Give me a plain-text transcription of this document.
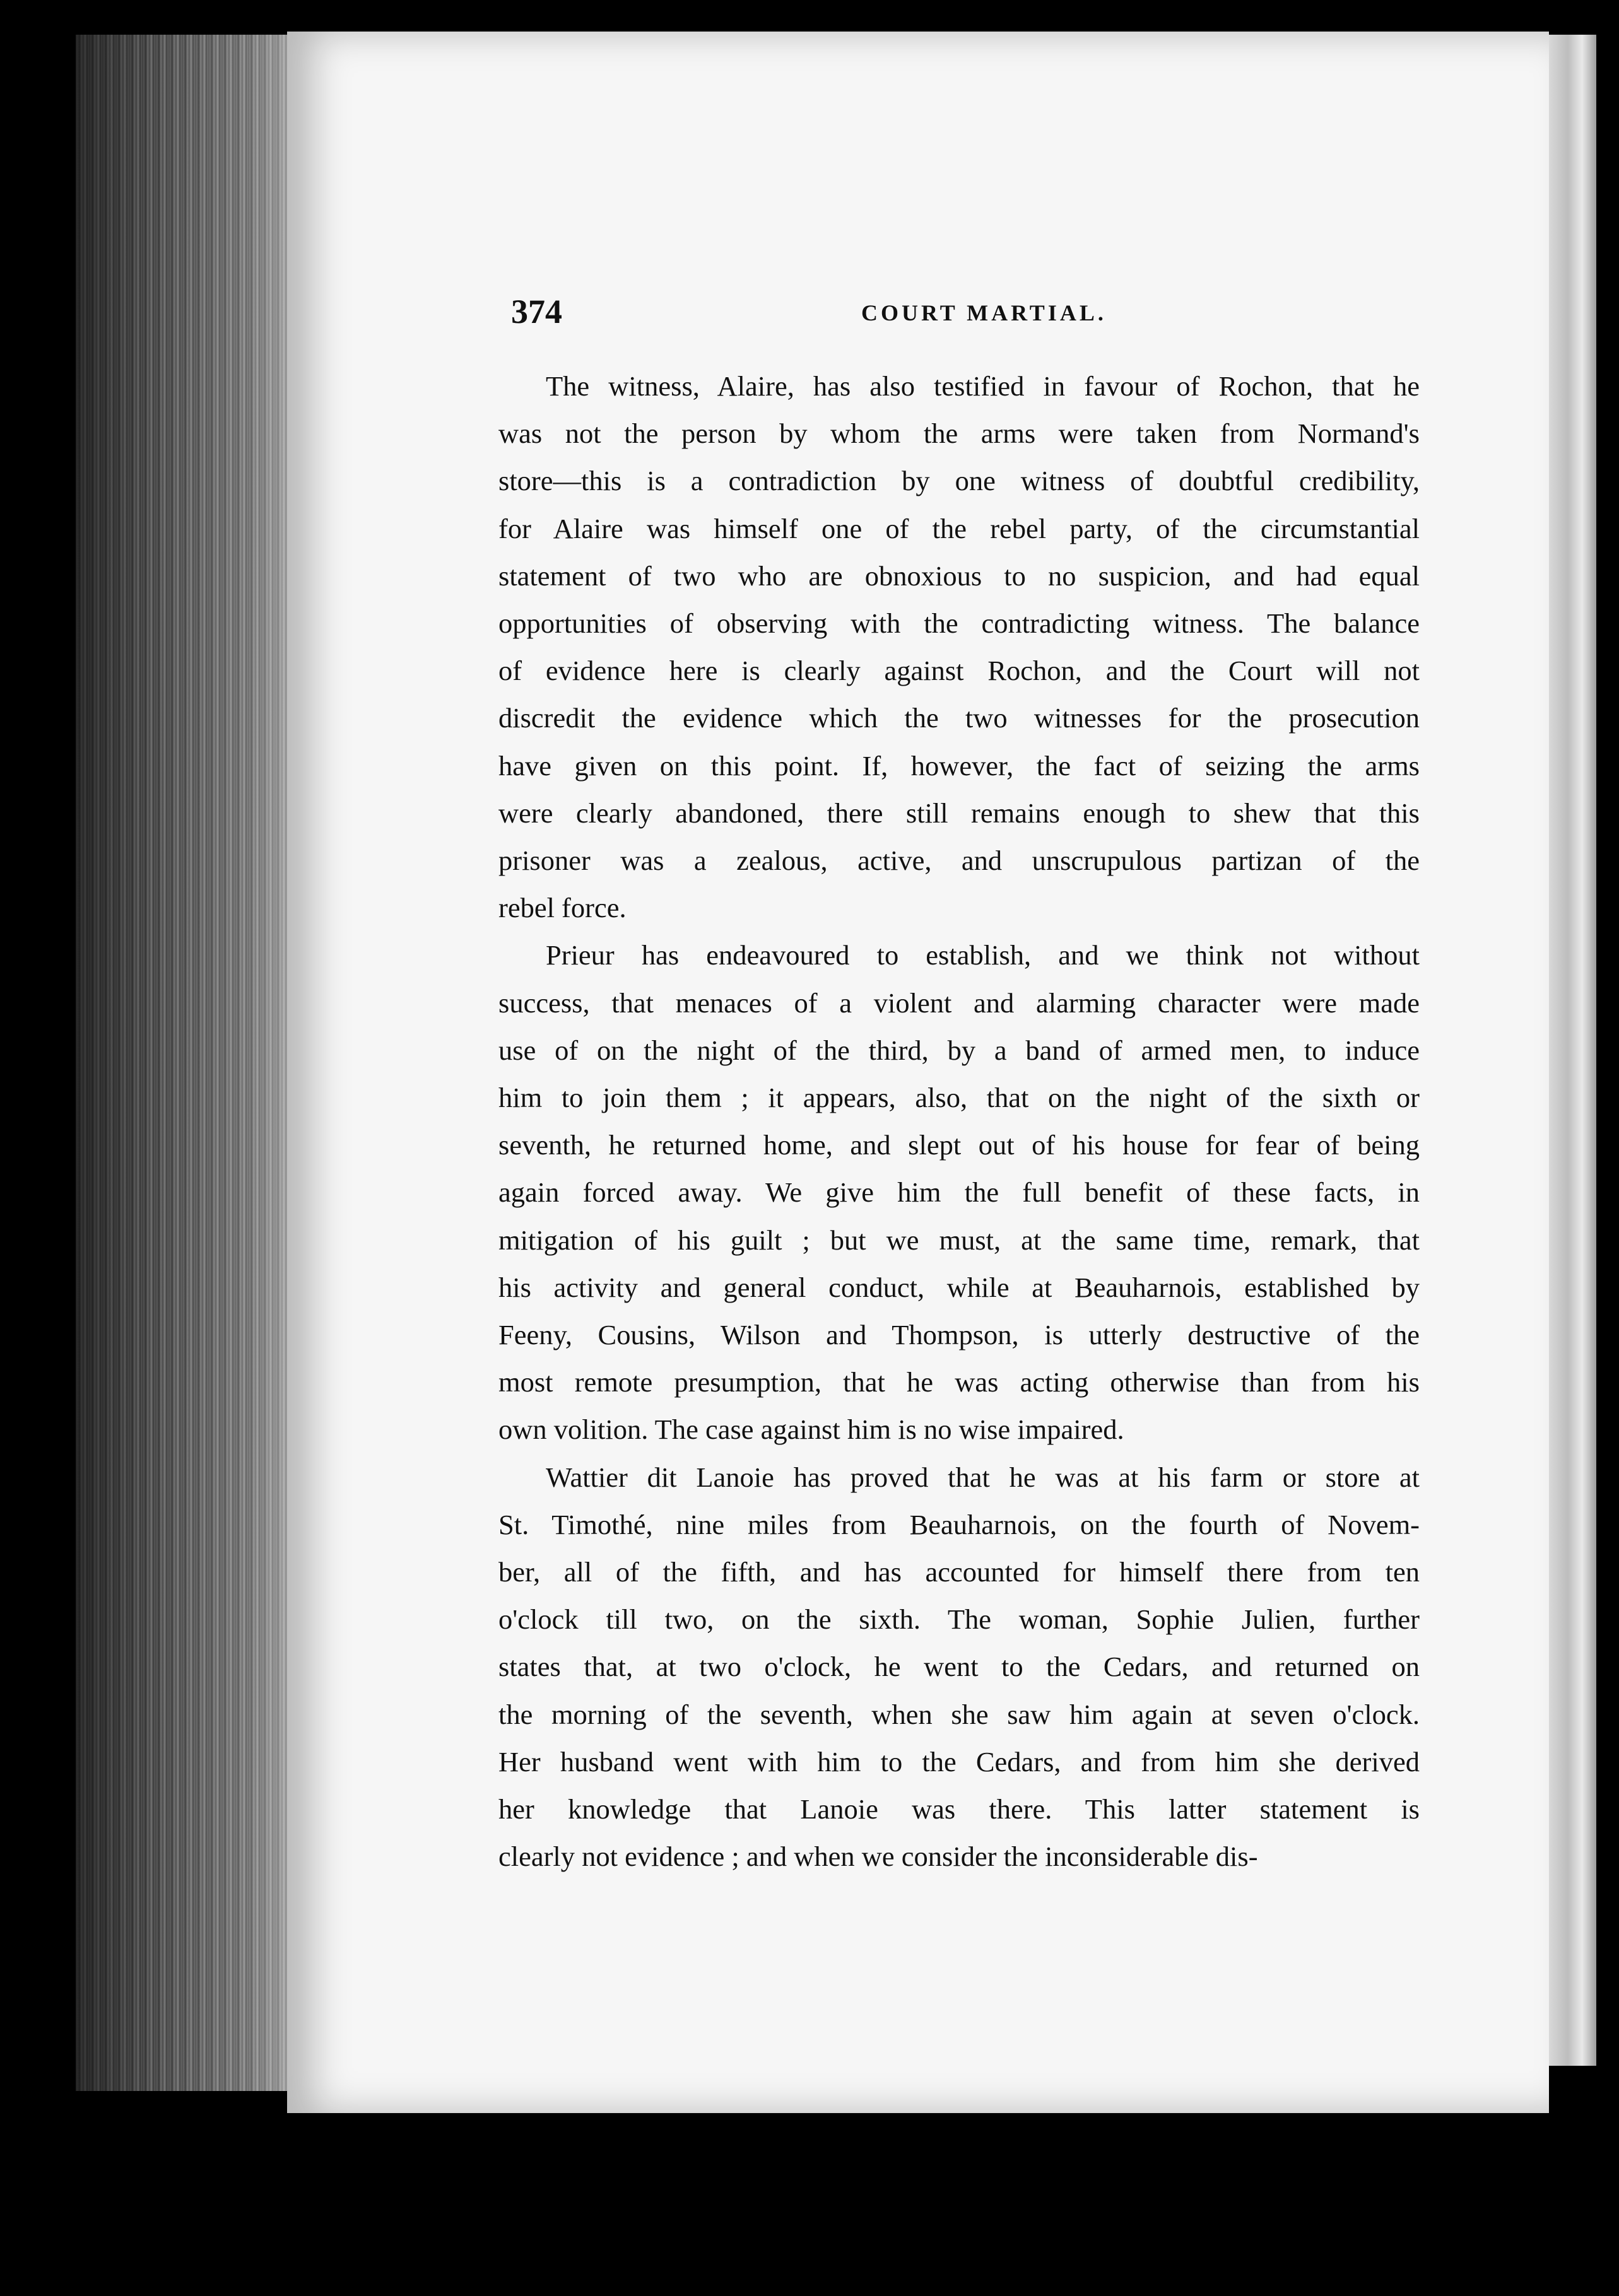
374	COURT MARTIAL.

The witness, Alaire, has also testified in favour of Rochon, that he
was not the person by whom the arms were taken from Normand's
store—this is a contradiction by one witness of doubtful credibility,
for Alaire was himself one of the rebel party, of the circumstantial
statement of two who are obnoxious to no suspicion, and had equal
opportunities of observing with the contradicting witness. The balance
of evidence here is clearly against Rochon, and the Court will not
discredit the evidence which the two witnesses for the prosecution
have given on this point. If, however, the fact of seizing the arms
were clearly abandoned, there still remains enough to shew that this
prisoner was a zealous, active, and unscrupulous partizan of the
rebel force.

Prieur has endeavoured to establish, and we think not without
success, that menaces of a violent and alarming character were made
use of on the night of the third, by a band of armed men, to induce
him to join them ; it appears, also, that on the night of the sixth or
seventh, he returned home, and slept out of his house for fear of being
again forced away. We give him the full benefit of these facts, in
mitigation of his guilt ; but we must, at the same time, remark, that
his activity and general conduct, while at Beauharnois, established by
Feeny, Cousins, Wilson and Thompson, is utterly destructive of the
most remote presumption, that he was acting otherwise than from his
own volition. The case against him is no wise impaired.

Wattier dit Lanoie has proved that he was at his farm or store at
St. Timothé, nine miles from Beauharnois, on the fourth of Novem-
ber, all of the fifth, and has accounted for himself there from ten
o'clock till two, on the sixth. The woman, Sophie Julien, further
states that, at two o'clock, he went to the Cedars, and returned on
the morning of the seventh, when she saw him again at seven o'clock.
Her husband went with him to the Cedars, and from him she derived
her knowledge that Lanoie was there. This latter statement is
clearly not evidence ; and when we consider the inconsiderable dis-
